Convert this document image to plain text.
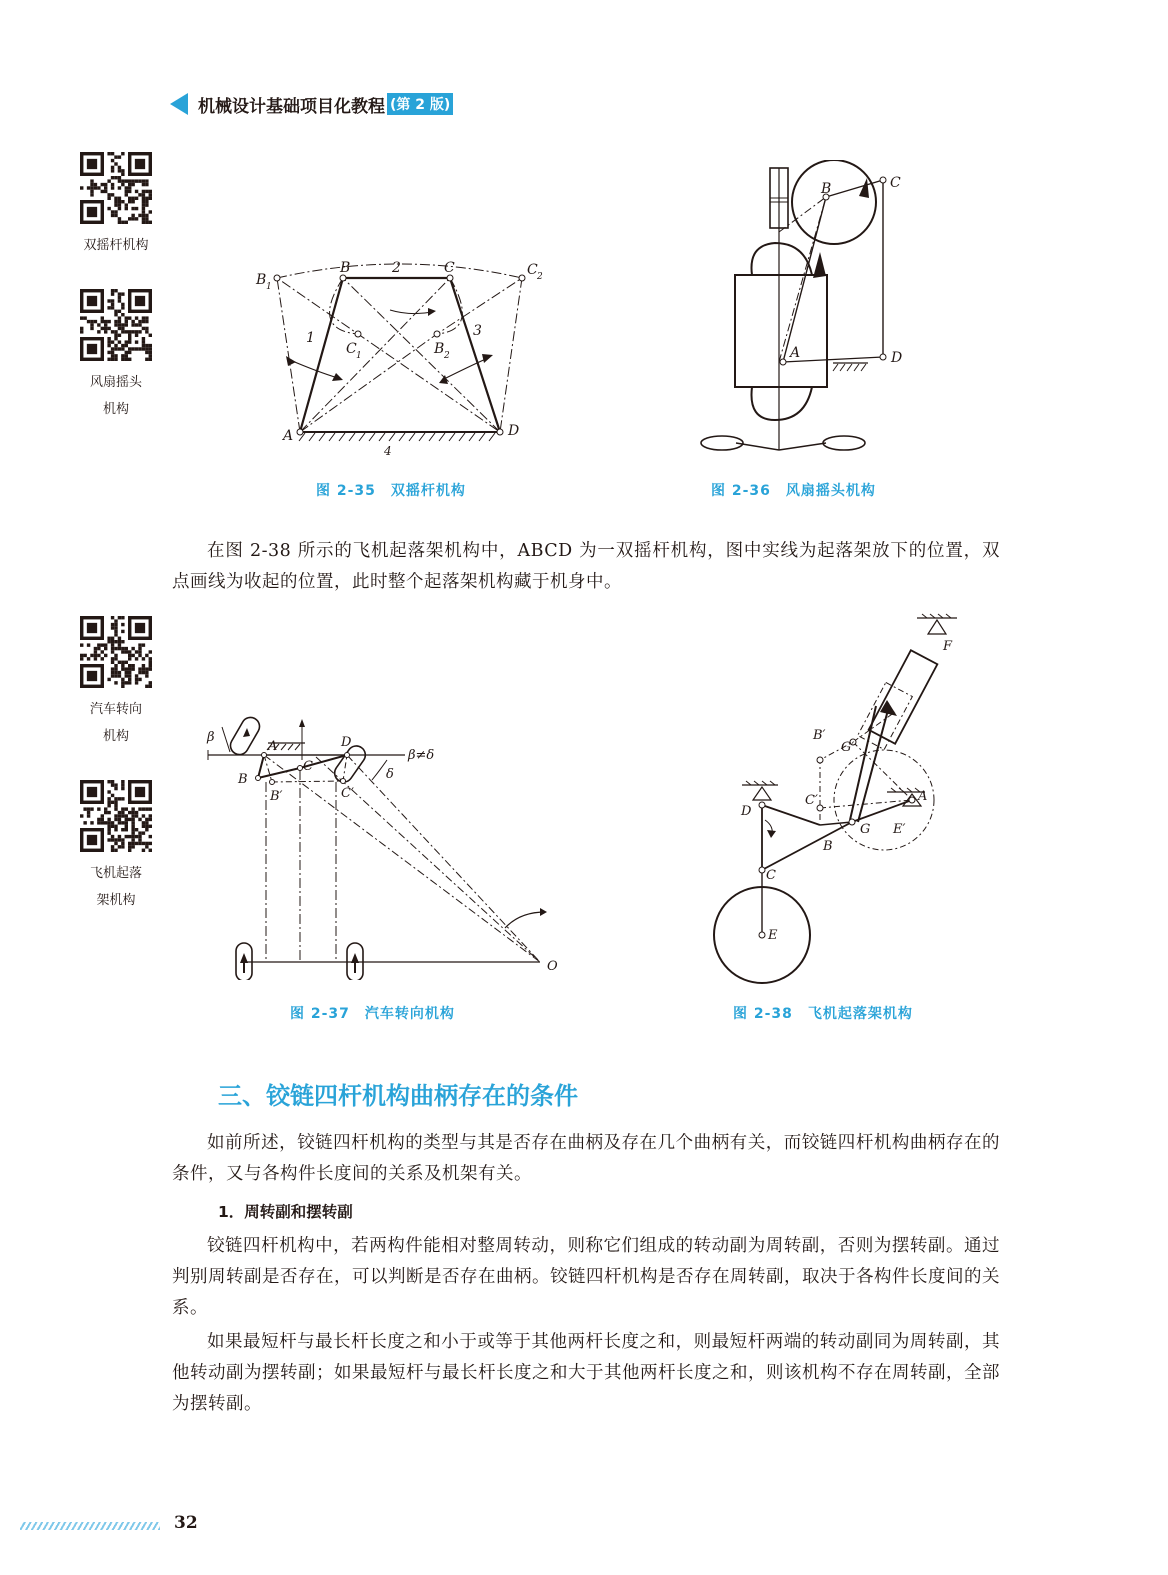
机械设计基础项目化教程 (第 2 版)
双摇杆机构
风扇摇头机构
汽车转向机构
飞机起落架机构
B 1
B	2	C	C 2
1
C 1	B 2
3
A	D
4
图 2-35　双摇杆机构
B	C
A	D
图 2-36　风扇摇头机构
在图 2-38 所示的飞机起落架机构中，ABCD 为一双摇杆机构，图中实线为起落架放下的位置，双点画线为收起的位置，此时整个起落架机构藏于机身中。
β
A	D
β≠δ
B
C
B′	C′
δ
O
图 2-37　汽车转向机构
F
B′
G′
D
C′	A
G E′
B
C
E
图 2-38　飞机起落架机构
三、铰链四杆机构曲柄存在的条件
如前所述，铰链四杆机构的类型与其是否存在曲柄及存在几个曲柄有关，而铰链四杆机构曲柄存在的条件，又与各构件长度间的关系及机架有关。
1．周转副和摆转副
铰链四杆机构中，若两构件能相对整周转动，则称它们组成的转动副为周转副，否则为摆转副。通过判别周转副是否存在，可以判断是否存在曲柄。铰链四杆机构是否存在周转副，取决于各构件长度间的关系。
如果最短杆与最长杆长度之和小于或等于其他两杆长度之和，则最短杆两端的转动副同为周转副，其他转动副为摆转副；如果最短杆与最长杆长度之和大于其他两杆长度之和，则该机构不存在周转副，全部为摆转副。
32
